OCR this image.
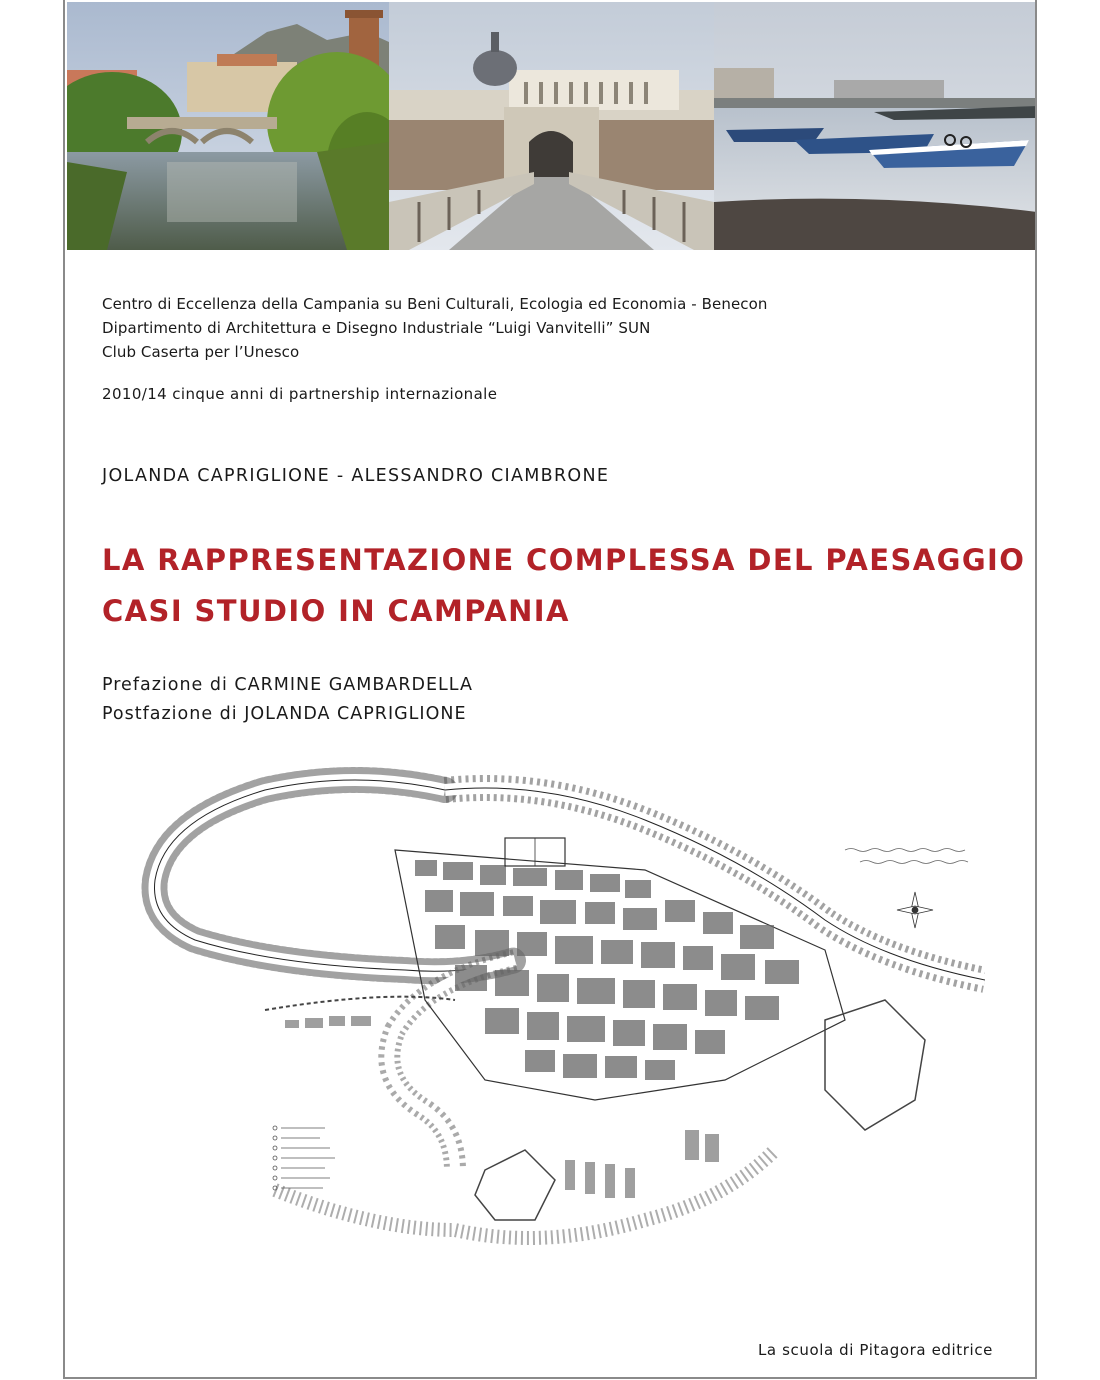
Centro di Eccellenza della Campania su Beni Culturali, Ecologia ed Economia - Benecon
Dipartimento di Architettura e Disegno Industriale “Luigi Vanvitelli” SUN
Club Caserta per l’Unesco
2010/14 cinque anni di partnership internazionale
JOLANDA CAPRIGLIONE - ALESSANDRO CIAMBRONE
LA RAPPRESENTAZIONE COMPLESSA DEL PAESAGGIO
CASI STUDIO IN CAMPANIA
Prefazione di CARMINE GAMBARDELLA
Postfazione di JOLANDA CAPRIGLIONE
La scuola di Pitagora editrice
